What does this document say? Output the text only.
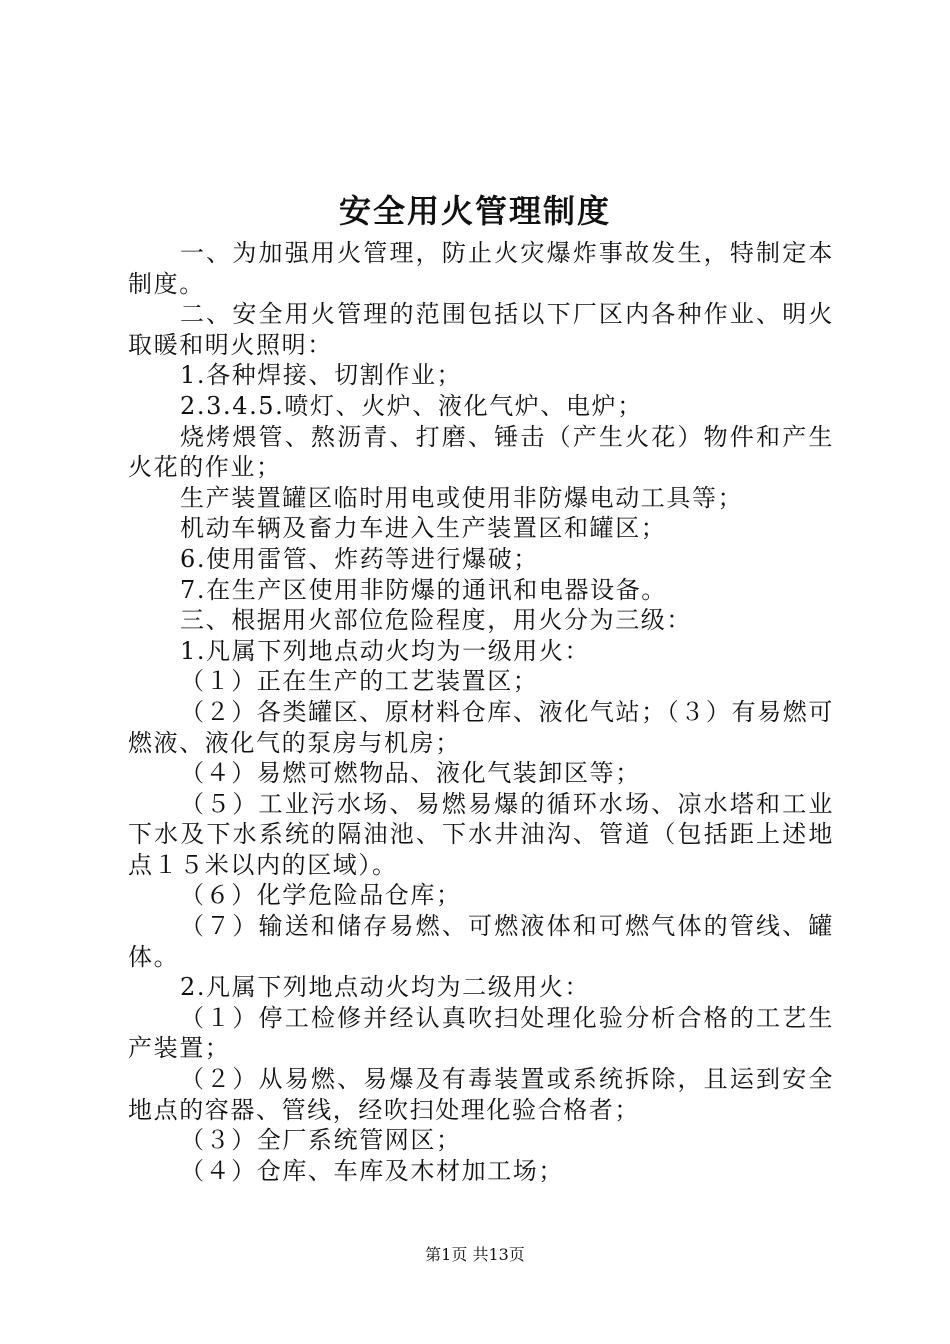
安全用火管理制度

一、为加强用火管理，防止火灾爆炸事故发生，特制定本制度。

二、安全用火管理的范围包括以下厂区内各种作业、明火取暖和明火照明：

1.各种焊接、切割作业；

2.3.4.5.喷灯、火炉、液化气炉、电炉；

烧烤煨管、熬沥青、打磨、锤击（产生火花）物件和产生火花的作业；

生产装置罐区临时用电或使用非防爆电动工具等；

机动车辆及畜力车进入生产装置区和罐区；

6.使用雷管、炸药等进行爆破；

7.在生产区使用非防爆的通讯和电器设备。

三、根据用火部位危险程度，用火分为三级：

1.凡属下列地点动火均为一级用火：

（１）正在生产的工艺装置区；

（２）各类罐区、原材料仓库、液化气站；（３）有易燃可燃液、液化气的泵房与机房；

（４）易燃可燃物品、液化气装卸区等；

（５）工业污水场、易燃易爆的循环水场、凉水塔和工业下水及下水系统的隔油池、下水井油沟、管道（包括距上述地点１５米以内的区域）。

（６）化学危险品仓库；

（７）输送和储存易燃、可燃液体和可燃气体的管线、罐体。

2.凡属下列地点动火均为二级用火：

（１）停工检修并经认真吹扫处理化验分析合格的工艺生产装置；

（２）从易燃、易爆及有毒装置或系统拆除，且运到安全地点的容器、管线，经吹扫处理化验合格者；

（３）全厂系统管网区；

（４）仓库、车库及木材加工场；

第1页 共13页
